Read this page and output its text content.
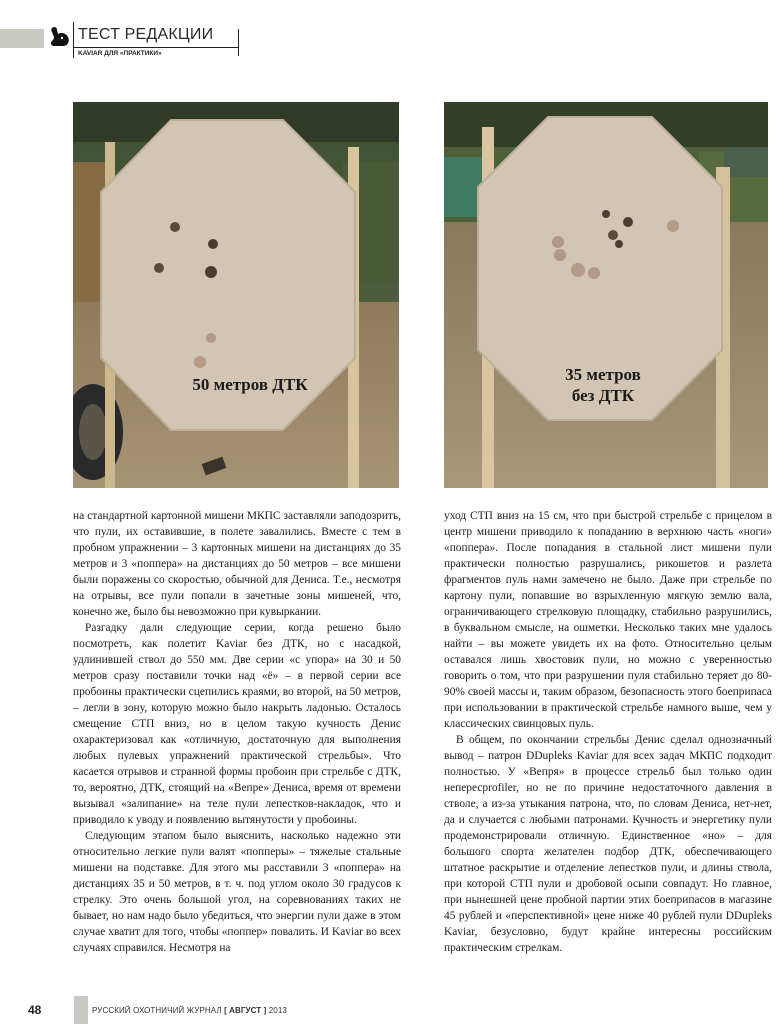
ТЕСТ РЕДАКЦИИ
KAVIAR ДЛЯ «ПРАКТИКИ»
50 метров ДТК
35 метров
без ДТК

на стандартной картонной мишени МКПС заставляли заподозрить, что пули, их оставившие, в полете завалились. Вместе с тем в пробном упражнении – 3 картонных мишени на дистанциях до 35 метров и 3 «поппера» на дистанциях до 50 метров – все мишени были поражены со скоростью, обычной для Дениса. Т.е., несмотря на отрывы, все пули попали в зачетные зоны мишеней, что, конечно же, было бы невозможно при кувыркании.

Разгадку дали следующие серии, когда решено было посмотреть, как полетит Kaviar без ДТК, но с насадкой, удлинившей ствол до 550 мм. Две серии «с упора» на 30 и 50 метров сразу поставили точки над «ё» – в первой серии все пробоины практически сцепились краями, во второй, на 50 метров, – легли в зону, которую можно было накрыть ладонью. Осталось смещение СТП вниз, но в целом такую кучность Денис охарактеризовал как «отличную, достаточную для выполнения любых пулевых упражнений практической стрельбы». Что касается отрывов и странной формы пробоин при стрельбе с ДТК, то, вероятно, ДТК, стоящий на «Вепре» Дениса, время от времени вызывал «залипание» на теле пули лепестков-накладок, что и приводило к уводу и появлению вытянутости у пробоины.

Следующим этапом было выяснить, насколько надежно эти относительно легкие пули валят «попперы» – тяжелые стальные мишени на подставке. Для этого мы расставили 3 «поппера» на дистанциях 35 и 50 метров, в т. ч. под углом около 30 градусов к стрелку. Это очень большой угол, на соревнованиях таких не бывает, но нам надо было убедиться, что энергии пули даже в этом случае хватит для того, чтобы «поппер» повалить. И Kaviar во всех случаях справился. Несмотря на

уход СТП вниз на 15 см, что при быстрой стрельбе с прицелом в центр мишени приводило к попаданию в верхнюю часть «ноги» «поппера». После попадания в стальной лист мишени пули практически полностью разрушались, рикошетов и разлета фрагментов пуль нами замечено не было. Даже при стрельбе по картону пули, попавшие во взрыхленную мягкую землю вала, ограничивающего стрелковую площадку, стабильно разрушились, в буквальном смысле, на ошметки. Несколько таких мне удалось найти – вы можете увидеть их на фото. Относительно целым оставался лишь хвостовик пули, но можно с уверенностью говорить о том, что при разрушении пуля стабильно теряет до 80-90% своей массы и, таким образом, безопасность этого боеприпаса при использовании в практической стрельбе намного выше, чем у классических свинцовых пуль.

В общем, по окончании стрельбы Денис сделал однозначный вывод – патрон DDupleks Kaviar для всех задач МКПС подходит полностью. У «Вепря» в процессе стрельб был только один непересprofiler, но не по причине недостаточного давления в стволе, а из-за утыкания патрона, что, по словам Дениса, нет-нет, да и случается с любыми патронами. Кучность и энергетику пули продемонстрировали отличную. Единственное «но» – для большого спорта желателен подбор ДТК, обеспечивающего штатное раскрытие и отделение лепестков пули, и длины ствола, при которой СТП пули и дробовой осыпи совпадут. Но главное, при нынешней цене пробной партии этих боеприпасов в магазине 45 рублей и «перспективной» цене ниже 40 рублей пули DDupleks Kaviar, безусловно, будут крайне интересны российским практическим стрелкам.

48	РУССКИЙ ОХОТНИЧИЙ ЖУРНАЛ [ АВГУСТ ] 2013
